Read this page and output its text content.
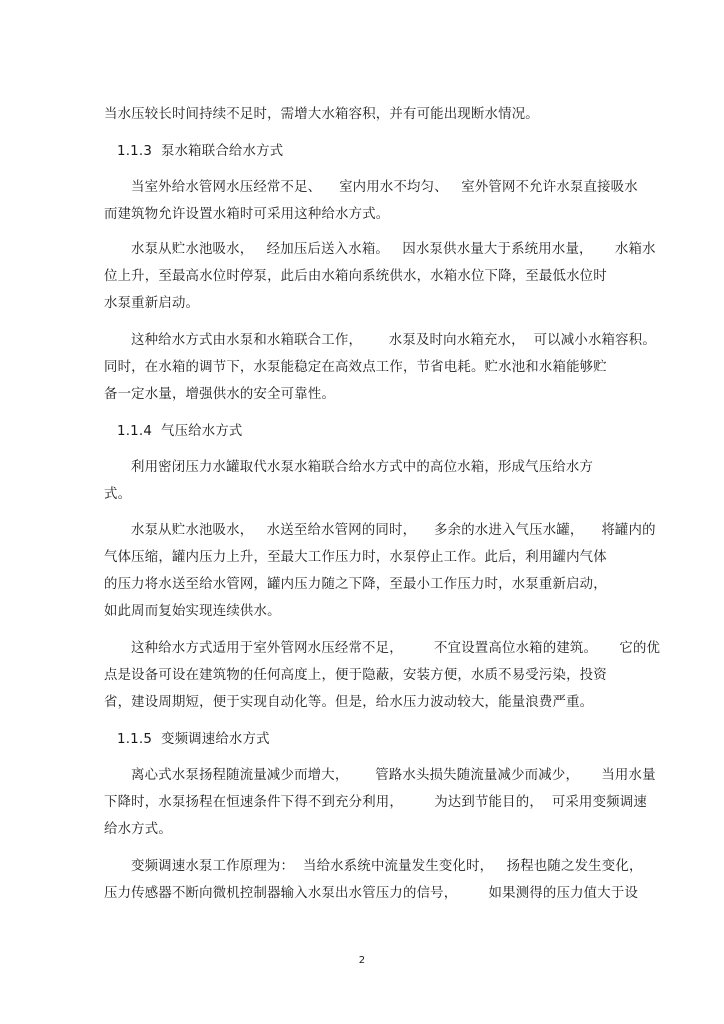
当水压较长时间持续不足时，需增大水箱容积，并有可能出现断水情况。
1.1.3  泵水箱联合给水方式
当室外给水管网水压经常不足、    室内用水不均匀、   室外管网不允许水泵直接吸水
而建筑物允许设置水箱时可采用这种给水方式。
水泵从贮水池吸水，   经加压后送入水箱。   因水泵供水量大于系统用水量，     水箱水
位上升，至最高水位时停泵，此后由水箱向系统供水，水箱水位下降，至最低水位时
水泵重新启动。
这种给水方式由水泵和水箱联合工作，      水泵及时向水箱充水，  可以减小水箱容积。
同时，在水箱的调节下，水泵能稳定在高效点工作，节省电耗。贮水池和水箱能够贮
备一定水量，增强供水的安全可靠性。
1.1.4  气压给水方式
利用密闭压力水罐取代水泵水箱联合给水方式中的高位水箱，形成气压给水方
式。
水泵从贮水池吸水，   水送至给水管网的同时，    多余的水进入气压水罐，    将罐内的
气体压缩，罐内压力上升，至最大工作压力时，水泵停止工作。此后，利用罐内气体
的压力将水送至给水管网，罐内压力随之下降，至最小工作压力时，水泵重新启动，
如此周而复始实现连续供水。
这种给水方式适用于室外管网水压经常不足，       不宜设置高位水箱的建筑。     它的优
点是设备可设在建筑物的任何高度上，便于隐蔽，安装方便，水质不易受污染，投资
省，建设周期短，便于实现自动化等。但是，给水压力波动较大，能量浪费严重。
1.1.5  变频调速给水方式
离心式水泵扬程随流量减少而增大，      管路水头损失随流量减少而减少，     当用水量
下降时，水泵扬程在恒速条件下得不到充分利用，       为达到节能目的，  可采用变频调速
给水方式。
变频调速水泵工作原理为：  当给水系统中流量发生变化时，   扬程也随之发生变化，
压力传感器不断向微机控制器输入水泵出水管压力的信号，       如果测得的压力值大于设
2
